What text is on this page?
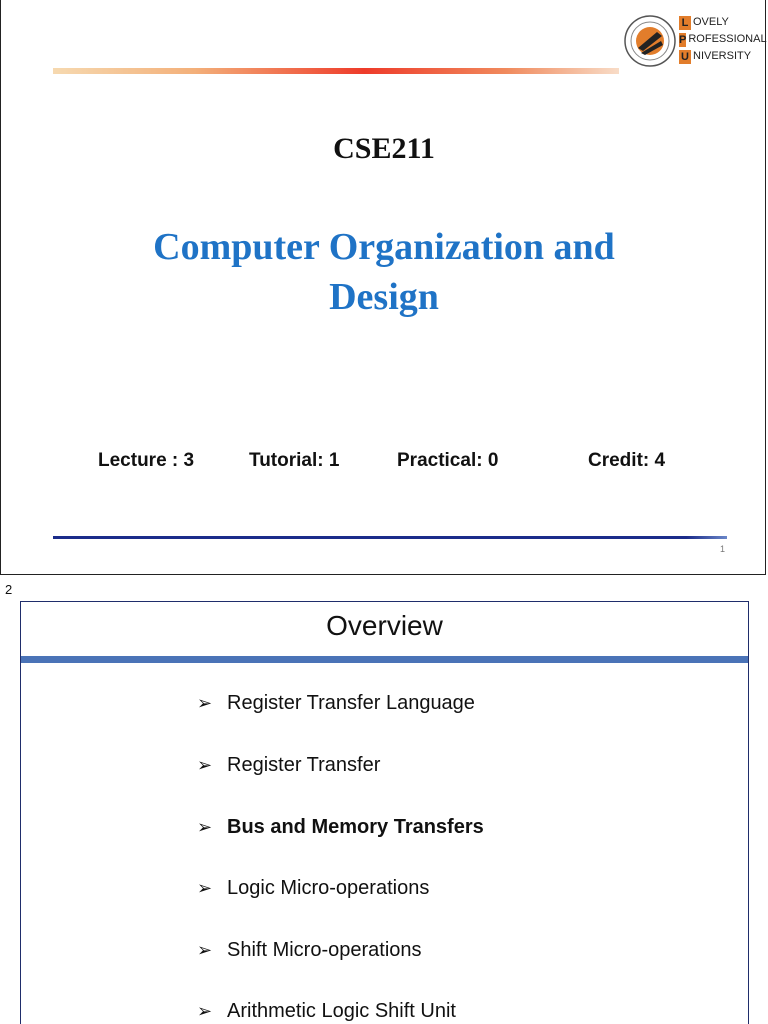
L OVELY
P ROFESSIONAL
U NIVERSITY
CSE211
Computer Organization and
Design
Lecture : 3	Tutorial: 1	Practical: 0	Credit: 4
1
2
Overview
➢ Register Transfer Language
➢ Register Transfer
➢ Bus and Memory Transfers
➢ Logic Micro-operations
➢ Shift Micro-operations
➢ Arithmetic Logic Shift Unit
